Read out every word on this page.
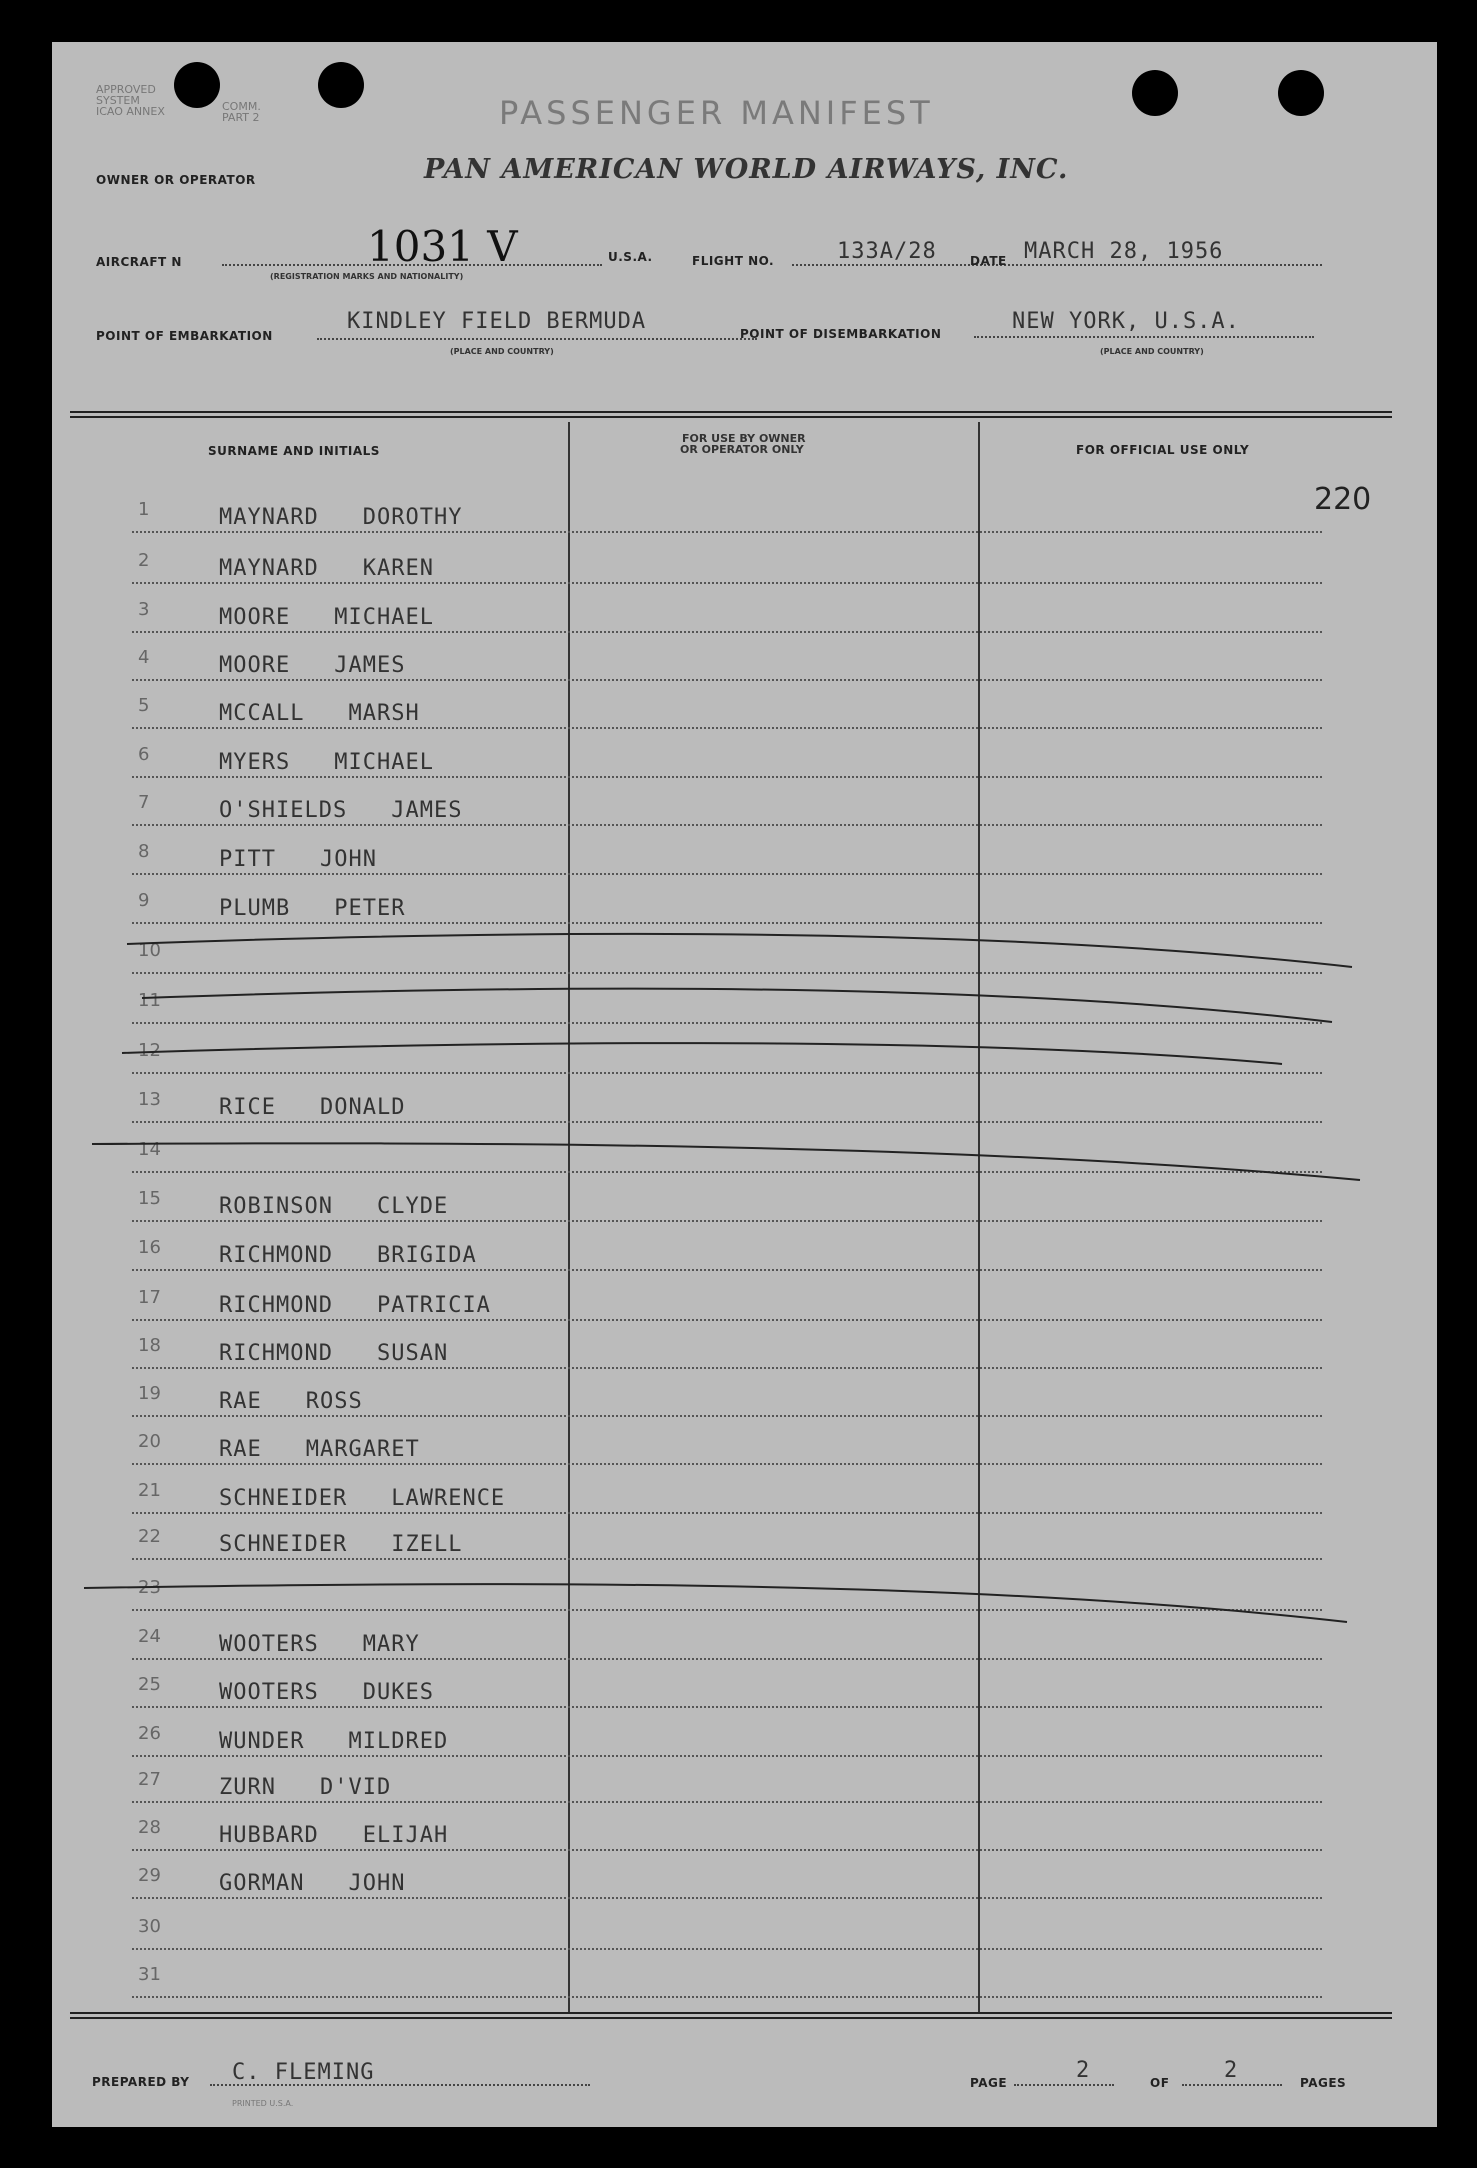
APPROVED
SYSTEM
ICAO ANNEX	COMM.
PART 2	PASSENGER MANIFEST
OWNER OR OPERATOR	PAN AMERICAN WORLD AIRWAYS, INC.
AIRCRAFT N	1031 V
(REGISTRATION MARKS AND NATIONALITY)
U.S.A.	FLIGHT NO.	133A/28	DATE MARCH 28, 1956
POINT OF EMBARKATION
KINDLEY FIELD BERMUDA
(PLACE AND COUNTRY)
POINT OF DISEMBARKATION	NEW YORK, U.S.A.
(PLACE AND COUNTRY)
SURNAME AND INITIALS
FOR USE BY OWNER
OR OPERATOR ONLY	FOR OFFICIAL USE ONLY
220
1	MAYNARD DOROTHY
2	MAYNARD KAREN
3	MOORE MICHAEL
4	MOORE JAMES
5	MCCALL MARSH
6	MYERS MICHAEL
7	O'SHIELDS JAMES
8	PITT JOHN
9	PLUMB PETER
10
11
12
13	RICE DONALD
14
15	ROBINSON CLYDE
16	RICHMOND BRIGIDA
17	RICHMOND PATRICIA
18	RICHMOND SUSAN
19	RAE ROSS
20	RAE MARGARET
21	SCHNEIDER LAWRENCE
22	SCHNEIDER IZELL
23
24	WOOTERS MARY
25	WOOTERS DUKES
26	WUNDER MILDRED
27	ZURN D'VID
28	HUBBARD ELIJAH
29	GORMAN JOHN
30
31
PREPARED BY C. FLEMING	PAGE	2	OF 2	PAGES
PRINTED U.S.A.
